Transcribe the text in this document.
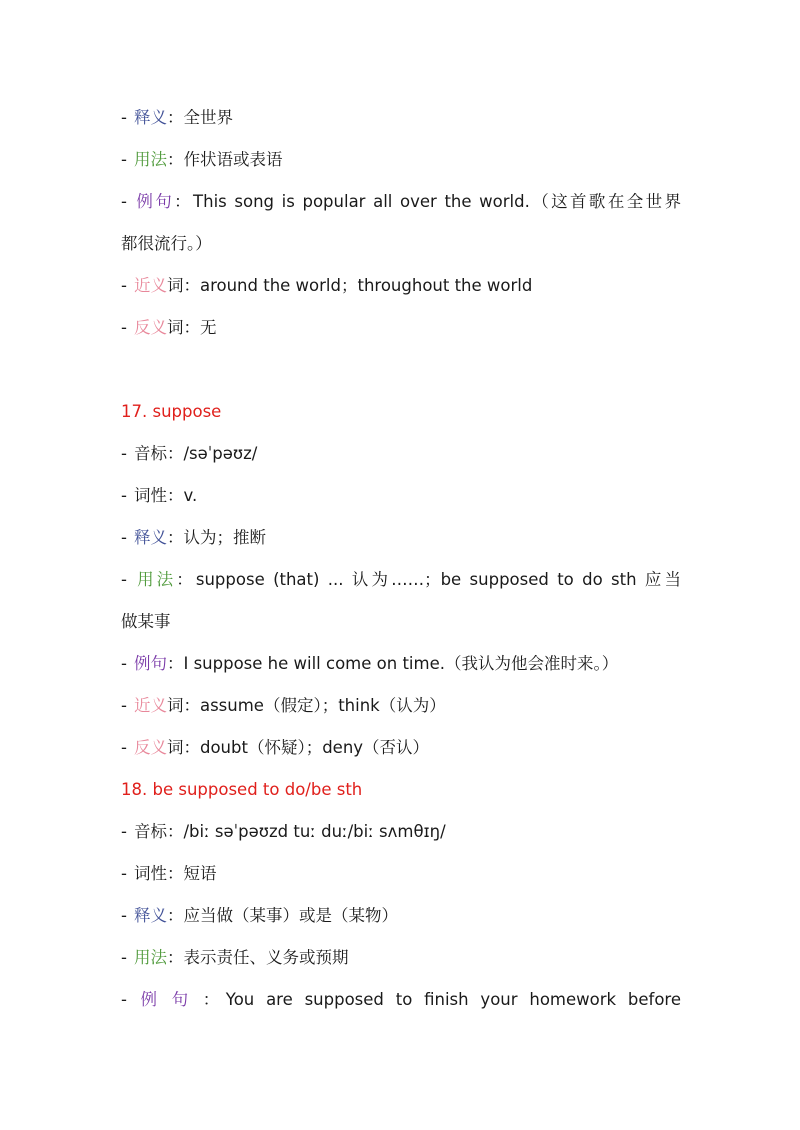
- 释义：全世界
- 用法：作状语或表语
- 例句：This song is popular all over the world.（这首歌在全世界
都很流行。）
- 近义词：around the world；throughout the world
- 反义词：无
17. suppose
- 音标：/səˈpəʊz/
- 词性：v.
- 释义：认为；推断
- 用法：suppose (that) ... 认为……；be supposed to do sth 应当
做某事
- 例句：I suppose he will come on time.（我认为他会准时来。）
- 近义词：assume（假定）；think（认为）
- 反义词：doubt（怀疑）；deny（否认）
18. be supposed to do/be sth
- 音标：/biː səˈpəʊzd tuː duː/biː sʌmθɪŋ/
- 词性：短语
- 释义：应当做（某事）或是（某物）
- 用法：表示责任、义务或预期
- 例句：You are supposed to finish your homework before
